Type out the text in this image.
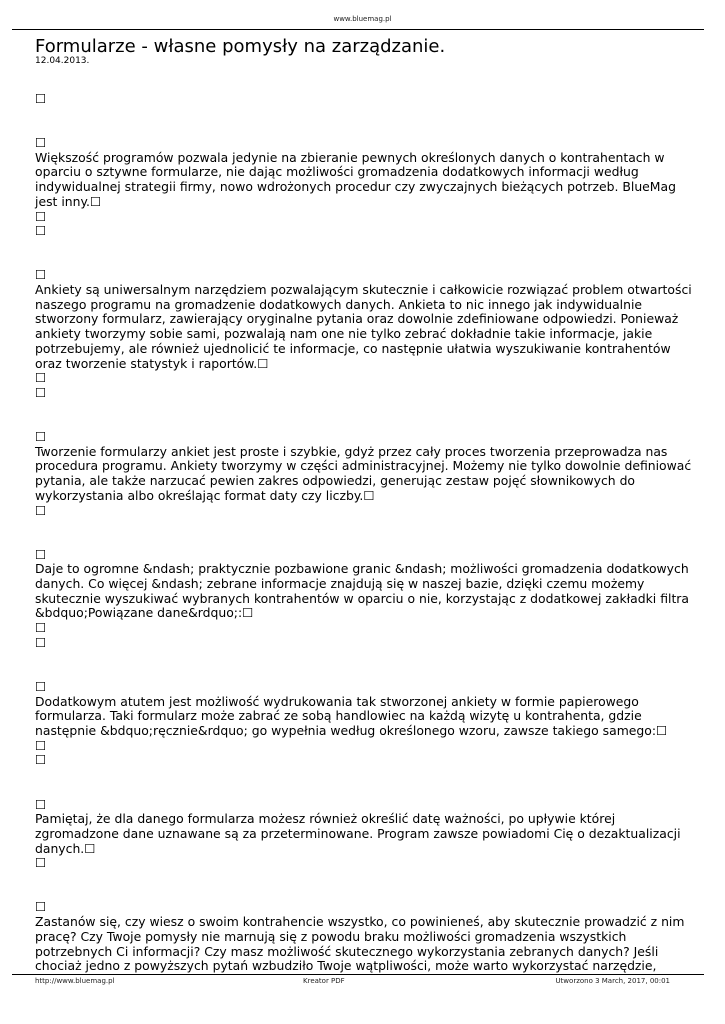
www.bluemag.pl
Formularze - własne pomysły na zarządzanie.
12.04.2013.
☐
☐
Większość programów pozwala jedynie na zbieranie pewnych określonych danych o kontrahentach w oparciu o sztywne formularze, nie dając możliwości gromadzenia dodatkowych informacji według indywidualnej strategii firmy, nowo wdrożonych procedur czy zwyczajnych bieżących potrzeb. BlueMag jest inny.☐
☐
☐
☐
Ankiety są uniwersalnym narzędziem pozwalającym skutecznie i całkowicie rozwiązać problem otwartości naszego programu na gromadzenie dodatkowych danych. Ankieta to nic innego jak indywidualnie stworzony formularz, zawierający oryginalne pytania oraz dowolnie zdefiniowane odpowiedzi. Ponieważ ankiety tworzymy sobie sami, pozwalają nam one nie tylko zebrać dokładnie takie informacje, jakie potrzebujemy, ale również ujednolicić te informacje, co następnie ułatwia wyszukiwanie kontrahentów oraz tworzenie statystyk i raportów.☐
☐
☐
☐
Tworzenie formularzy ankiet jest proste i szybkie, gdyż przez cały proces tworzenia przeprowadza nas procedura programu. Ankiety tworzymy w części administracyjnej. Możemy nie tylko dowolnie definiować pytania, ale także narzucać pewien zakres odpowiedzi, generując zestaw pojęć słownikowych do wykorzystania albo określając format daty czy liczby.☐
☐
☐
Daje to ogromne &ndash; praktycznie pozbawione granic &ndash; możliwości gromadzenia dodatkowych danych. Co więcej &ndash; zebrane informacje znajdują się w naszej bazie, dzięki czemu możemy skutecznie wyszukiwać wybranych kontrahentów w oparciu o nie, korzystając z dodatkowej zakładki filtra &bdquo;Powiązane dane&rdquo;:☐
☐
☐
☐
Dodatkowym atutem jest możliwość wydrukowania tak stworzonej ankiety w formie papierowego formularza. Taki formularz może zabrać ze sobą handlowiec na każdą wizytę u kontrahenta, gdzie następnie &bdquo;ręcznie&rdquo; go wypełnia według określonego wzoru, zawsze takiego samego:☐
☐
☐
☐
Pamiętaj, że dla danego formularza możesz również określić datę ważności, po upływie której zgromadzone dane uznawane są za przeterminowane. Program zawsze powiadomi Cię o dezaktualizacji danych.☐
☐
☐
Zastanów się, czy wiesz o swoim kontrahencie wszystko, co powinieneś, aby skutecznie prowadzić z nim pracę? Czy Twoje pomysły nie marnują się z powodu braku możliwości gromadzenia wszystkich potrzebnych Ci informacji? Czy masz możliwość skutecznego wykorzystania zebranych danych? Jeśli chociaż jedno z powyższych pytań wzbudziło Twoje wątpliwości, może warto wykorzystać narzędzie,
http://www.bluemag.pl	Kreator PDF	Utworzono 3 March, 2017, 00:01
